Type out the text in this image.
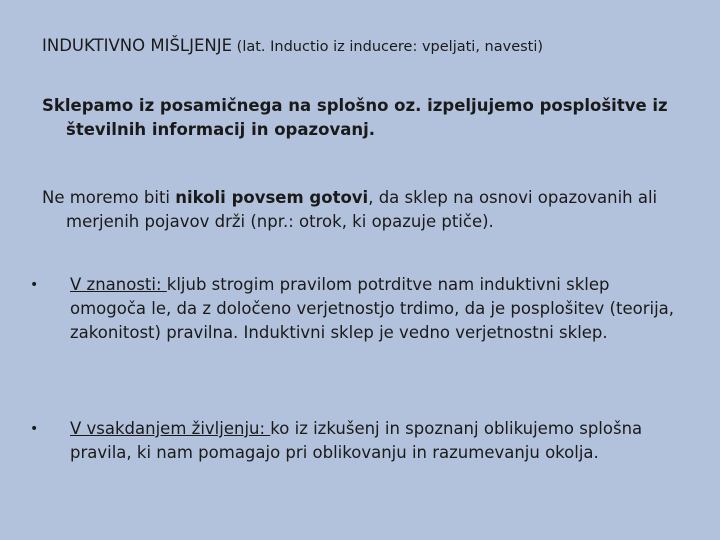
INDUKTIVNO MIŠLJENJE (lat. Inductio iz inducere: vpeljati, navesti)
Sklepamo iz posamičnega na splošno oz. izpeljujemo posplošitve iz številnih informacij in opazovanj.
Ne moremo biti nikoli povsem gotovi, da sklep na osnovi opazovanih ali merjenih pojavov drži (npr.: otrok, ki opazuje ptiče).
•	V znanosti: kljub strogim pravilom potrditve nam induktivni sklep omogoča le, da z določeno verjetnostjo trdimo, da je posplošitev (teorija, zakonitost) pravilna. Induktivni sklep je vedno verjetnostni sklep.
•	V vsakdanjem življenju: ko iz izkušenj in spoznanj oblikujemo splošna pravila, ki nam pomagajo pri oblikovanju in razumevanju okolja.
